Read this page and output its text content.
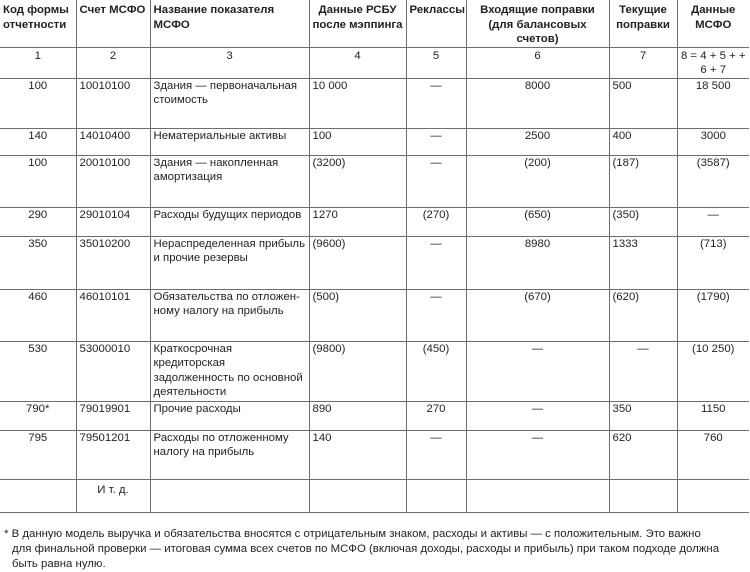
Код формы отчетности	Счет МСФО	Название показателя МСФО	Данные РСБУ после мэппинга	Реклассы	Входящие поправки (для балансовых счетов)	Текущие поправки	Данные МСФО
1	2	3	4	5	6	7	8 = 4 + 5 + + 6 + 7
100	10010100	Здания — первоначальная стоимость	10 000	—	8000	500	18 500
140	14010400	Нематериальные активы	100	—	2500	400	3000
100	20010100	Здания — накопленная амортизация	(3200)	—	(200)	(187)	(3587)
290	29010104	Расходы будущих периодов	1270	(270)	(650)	(350)	—
350	35010200	Нераспределенная прибыль и прочие резервы	(9600)	—	8980	1333	(713)
460	46010101	Обязательства по отложенному налогу на прибыль	(500)	—	(670)	(620)	(1790)
530	53000010	Краткосрочная кредиторская задолженность по основной деятельности	(9800)	(450)	—	—	(10 250)
790*	79019901	Прочие расходы	890	270	—	350	1150
795	79501201	Расходы по отложенному налогу на прибыль	140	—	—	620	760
	И т. д.						
* В данную модель выручка и обязательства вносятся с отрицательным знаком, расходы и активы — с положительным. Это важно
для финальной проверки — итоговая сумма всех счетов по МСФО (включая доходы, расходы и прибыль) при таком подходе должна
быть равна нулю.
